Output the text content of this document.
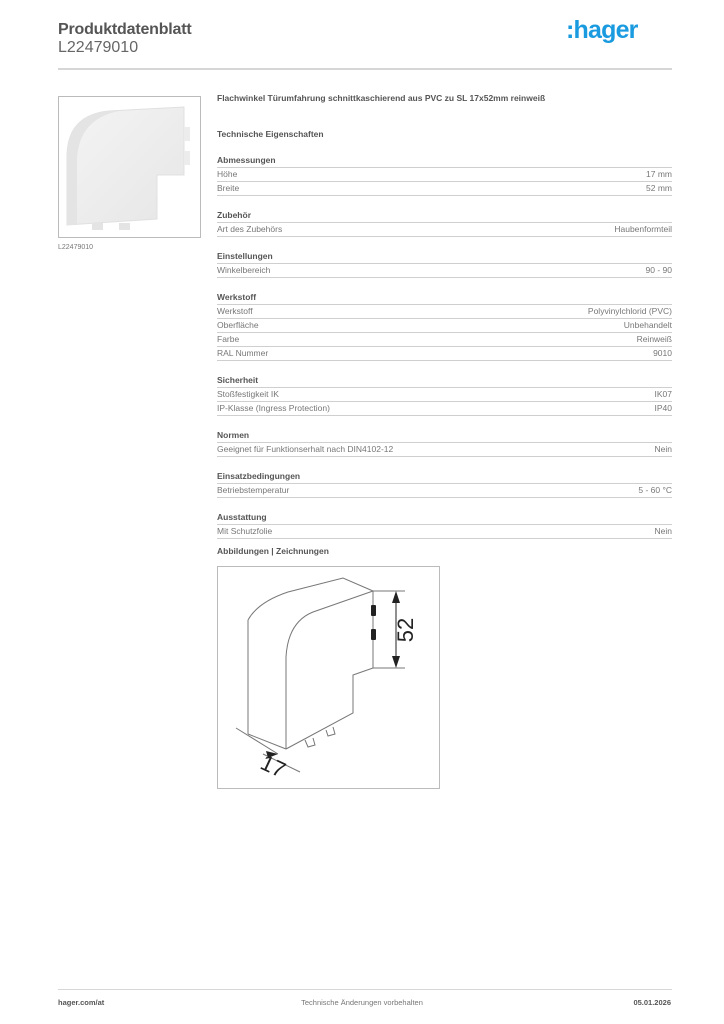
Produktdatenblatt
L22479010
:hager
L22479010
Flachwinkel Türumfahrung schnittkaschierend aus PVC zu SL 17x52mm reinweiß
Technische Eigenschaften
Abmessungen
Höhe	17 mm
Breite	52 mm
Zubehör
Art des Zubehörs	Haubenformteil
Einstellungen
Winkelbereich	90 - 90
Werkstoff
Werkstoff	Polyvinylchlorid (PVC)
Oberfläche	Unbehandelt
Farbe	Reinweiß
RAL Nummer	9010
Sicherheit
Stoßfestigkeit IK	IK07
IP-Klasse (Ingress Protection)	IP40
Normen
Geeignet für Funktionserhalt nach DIN4102-12	Nein
Einsatzbedingungen
Betriebstemperatur	5 - 60 °C
Ausstattung
Mit Schutzfolie	Nein
Abbildungen | Zeichnungen
52
17
hager.com/at	Technische Änderungen vorbehalten	05.01.2026
